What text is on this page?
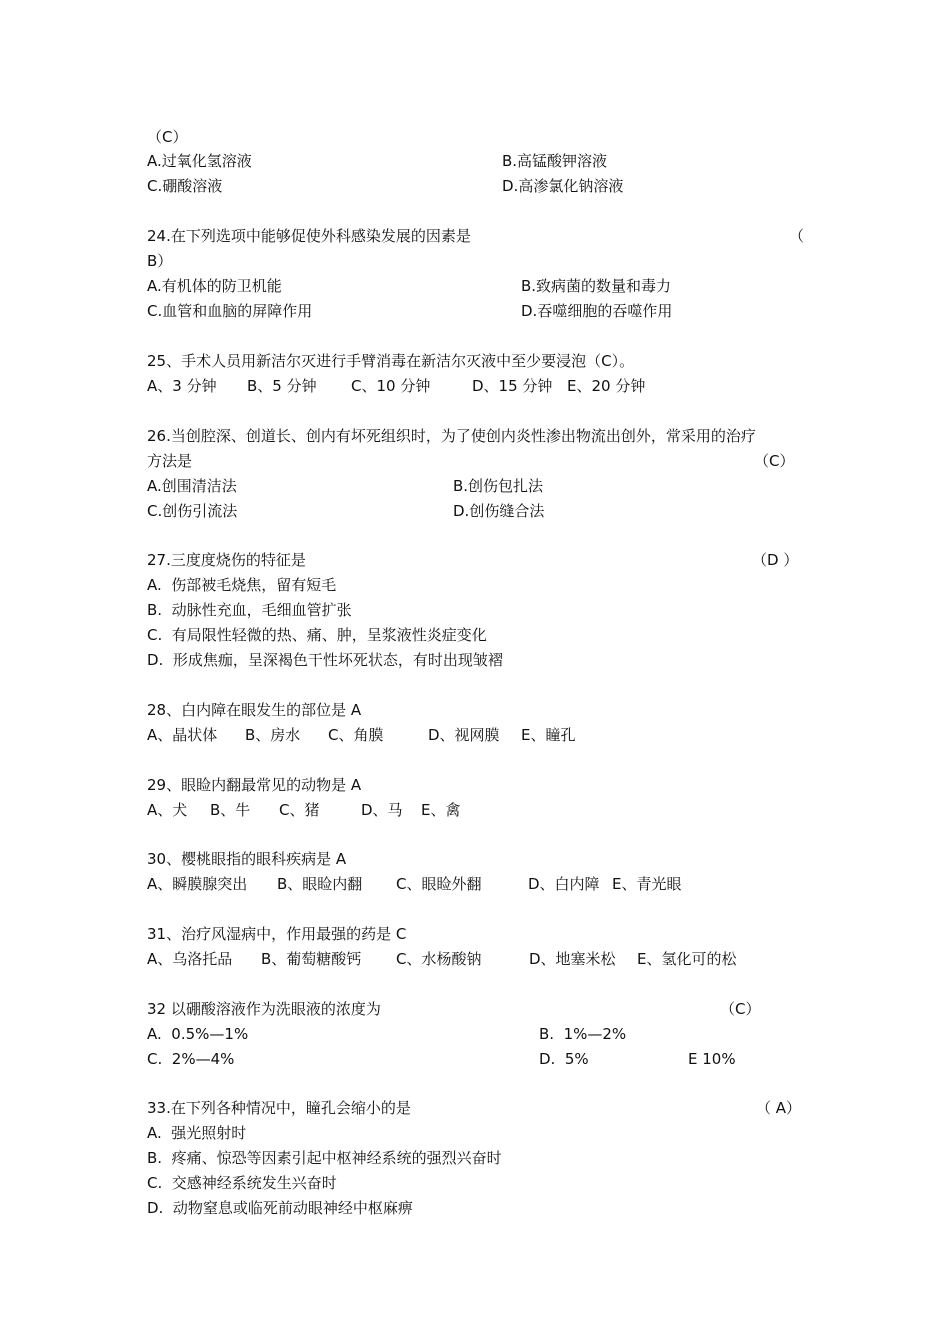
（C）
A.过氧化氢溶液	B.高锰酸钾溶液
C.硼酸溶液	D.高渗氯化钠溶液
24.在下列选项中能够促使外科感染发展的因素是	（
B）
A.有机体的防卫机能	B.致病菌的数量和毒力
C.血管和血脑的屏障作用	D.吞噬细胞的吞噬作用
25、手术人员用新洁尔灭进行手臂消毒在新洁尔灭液中至少要浸泡（C）。
A、3 分钟 B、5 分钟 C、10 分钟	D、15 分钟 E、20 分钟
26.当创腔深、创道长、创内有坏死组织时，为了使创内炎性渗出物流出创外，常采用的治疗
方法是	（C）
A.创围清洁法	B.创伤包扎法
C.创伤引流法	D.创伤缝合法
27.三度度烧伤的特征是	（D ）
A.  伤部被毛烧焦，留有短毛
B.  动脉性充血，毛细血管扩张
C.  有局限性轻微的热、痛、肿，呈浆液性炎症变化
D.  形成焦痂，呈深褐色干性坏死状态，有时出现皱褶
28、白内障在眼发生的部位是 A
A、晶状体 B、房水 C、角膜	D、视网膜 E、瞳孔
29、眼睑内翻最常见的动物是 A
A、犬 B、牛 C、猪	D、马 E、禽
30、樱桃眼指的眼科疾病是 A
A、瞬膜腺突出 B、眼睑内翻 C、眼睑外翻	D、白内障 E、青光眼
31、治疗风湿病中，作用最强的药是 C
A、乌洛托品 B、葡萄糖酸钙 C、水杨酸钠	D、地塞米松 E、氢化可的松
32 以硼酸溶液作为洗眼液的浓度为	（C）
A.  0.5%—1%	B.  1%—2%
C.  2%—4%	D.  5%	E 10%
33.在下列各种情况中，瞳孔会缩小的是	（ A）
A.  强光照射时
B.  疼痛、惊恐等因素引起中枢神经系统的强烈兴奋时
C.  交感神经系统发生兴奋时
D.  动物窒息或临死前动眼神经中枢麻痹
